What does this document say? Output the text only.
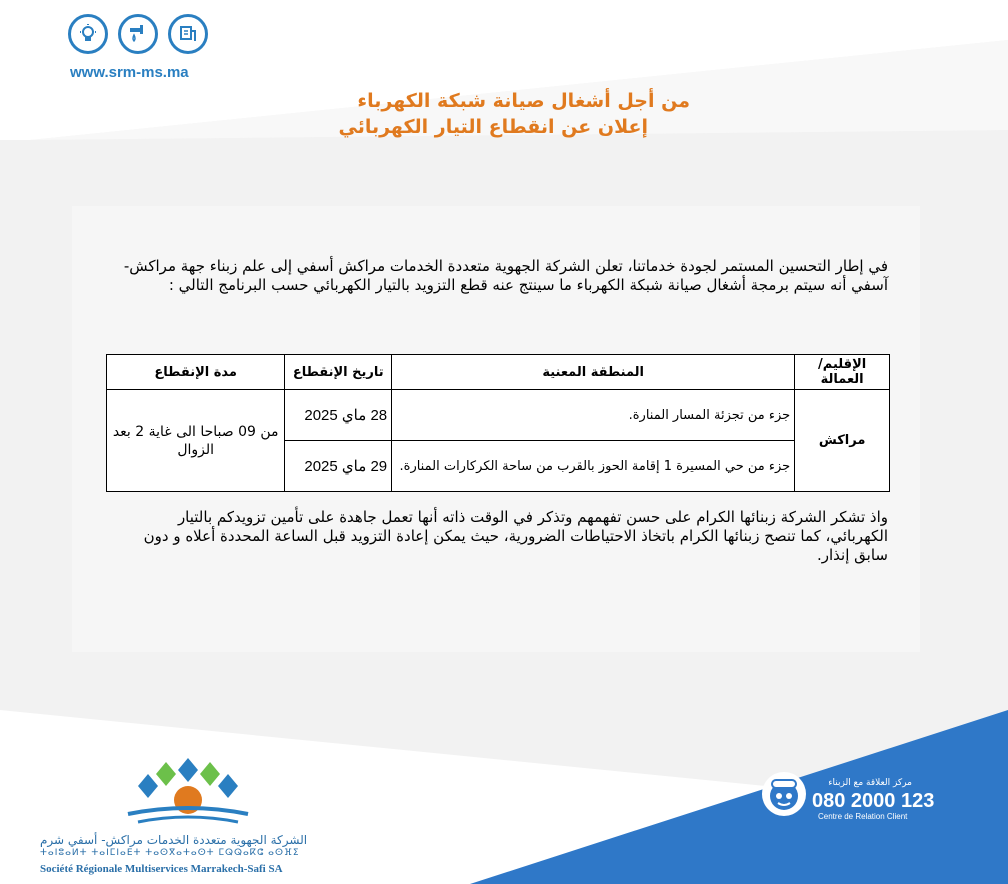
www.srm-ms.ma
من أجل أشغال صيانة شبكة الكهرباء
إعلان عن انقطاع التيار الكهربائي
في إطار التحسين المستمر لجودة خدماتنا، تعلن الشركة الجهوية متعددة الخدمات مراكش أسفي إلى علم زبناء جهة مراكش- آسفي أنه سيتم برمجة أشغال صيانة شبكة الكهرباء ما سينتج عنه قطع التزويد بالتيار الكهربائي حسب البرنامج التالي :
الإقليم/العمالة	المنطقة المعنية	تاريخ الإنقطاع	مدة الإنقطاع
مراكش	جزء من تجزئة المسار المنارة.	28 ماي 2025	من 09 صباحا الى غاية 2 بعد الزوال
	جزء من حي المسيرة 1 إقامة الحوز بالقرب من ساحة الكركارات المنارة.	29 ماي 2025	
واذ تشكر الشركة زبنائها الكرام على حسن تفهمهم وتذكر في الوقت ذاته أنها تعمل جاهدة على تأمين تزويدكم بالتيار الكهربائي، كما تنصح زبنائها الكرام باتخاذ الاحتياطات الضرورية، حيث يمكن إعادة التزويد قبل الساعة المحددة أعلاه و دون سابق إنذار.
الشركة الجهوية متعددة الخدمات مراكش- أسفي شرم
ⵜⴰⵏⵓⴰⵍⵜ ⵜⴰⵏⵎⵏⴰⴹⵜ ⵜⴰⵙⴳⴰⵜⴰⵙⵜ ⵎⵕⵕⴰⴽⵛ ⴰⵙⴼⵉ
Société Régionale Multiservices Marrakech-Safi SA
مركز العلاقة مع الزبناء
080 2000 123
Centre de Relation Client
